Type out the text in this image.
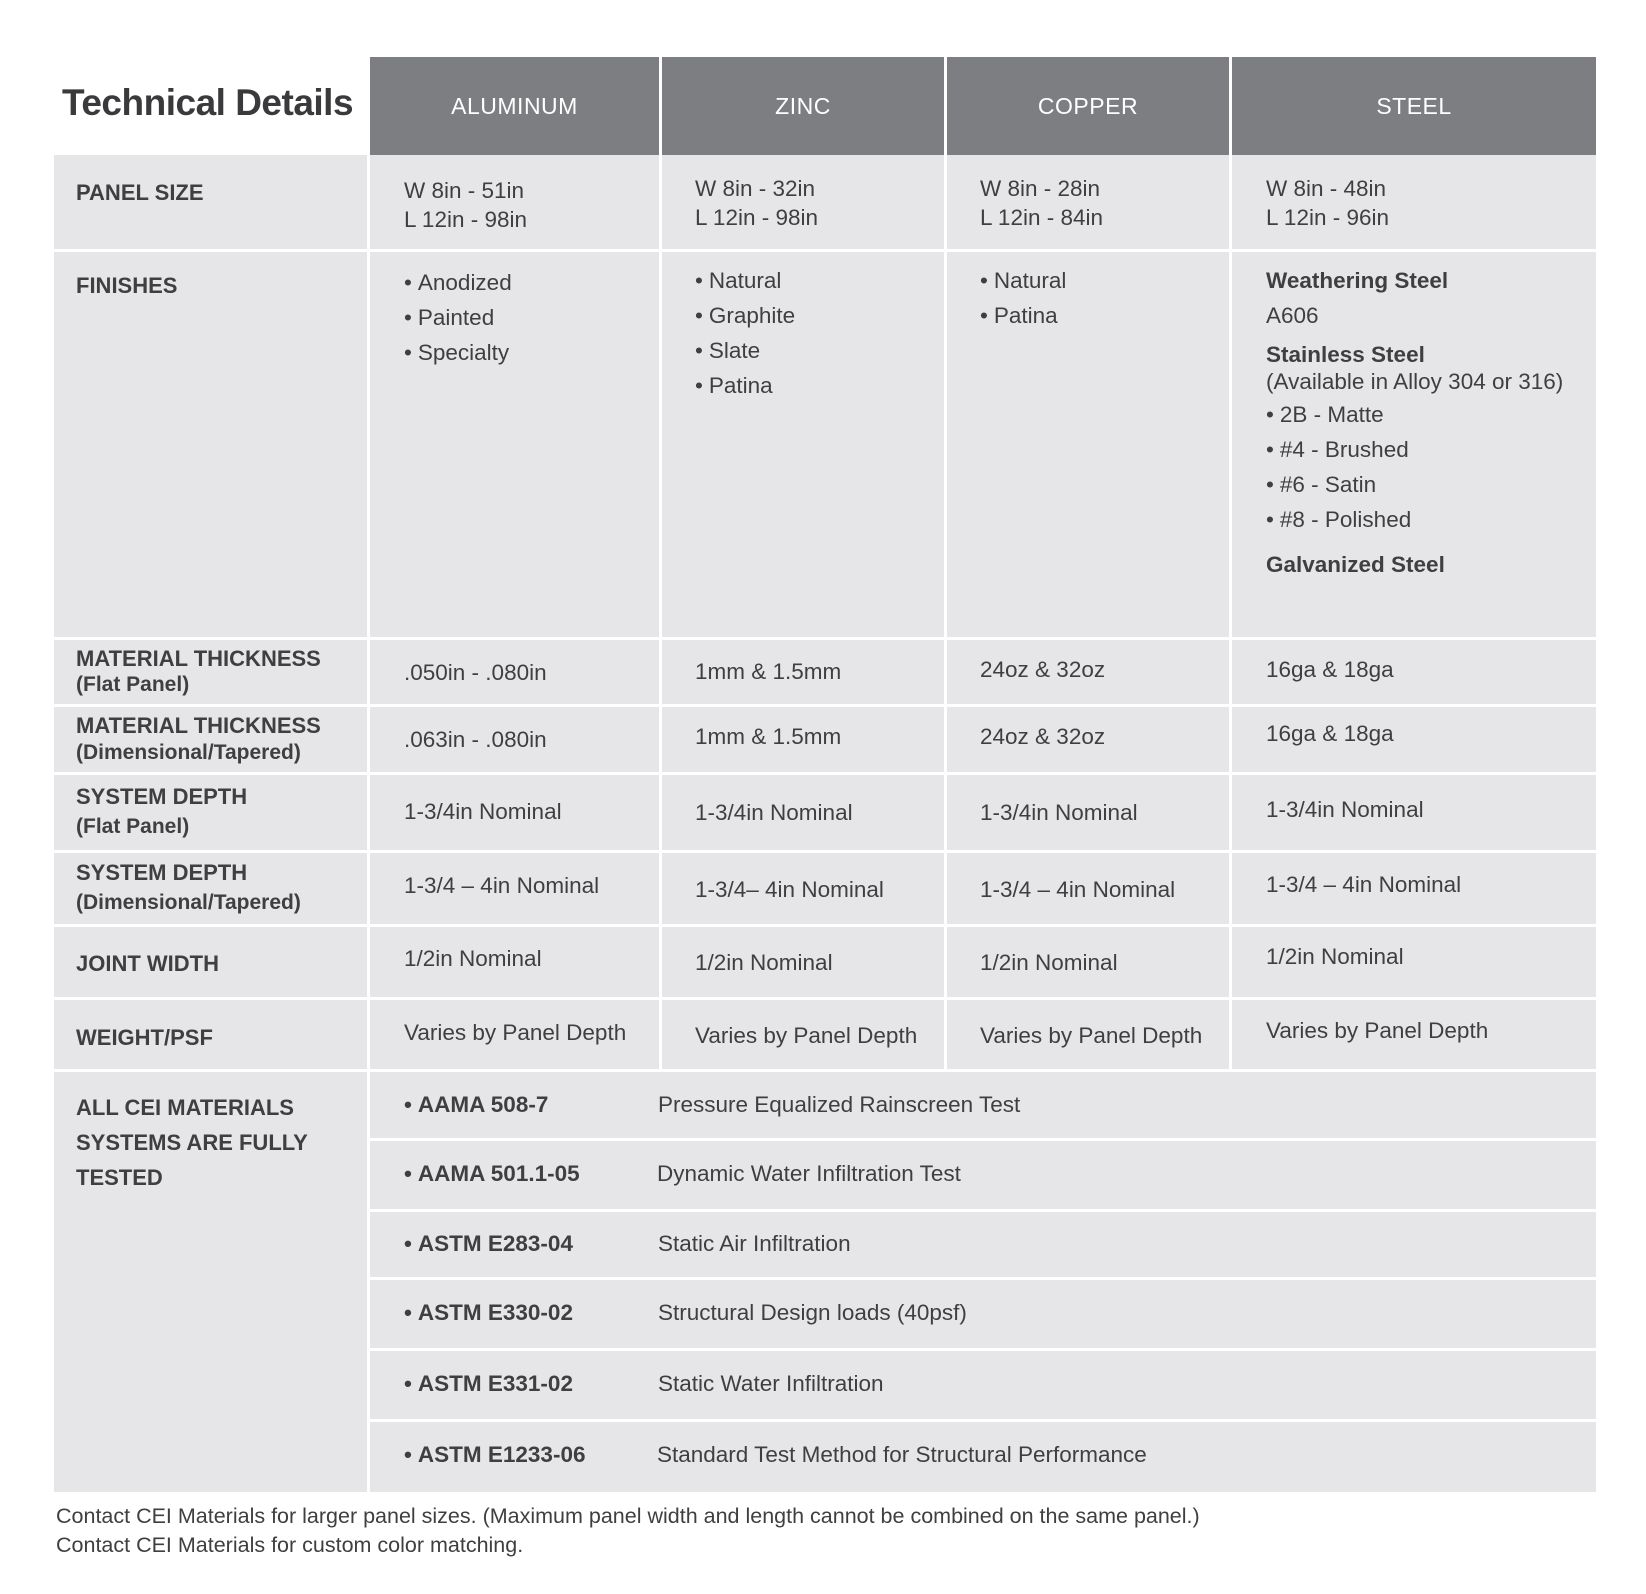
Technical Details	ALUMINUM	ZINC	COPPER	STEEL
PANEL SIZE	W 8in - 51in
L 12in - 98in
W 8in - 32in
L 12in - 98in
W 8in - 28in
L 12in - 84in
W 8in - 48in
L 12in - 96in
FINISHES
•	Anodized
• Painted
• Specialty
• Natural
• Graphite
• Slate
• Patina
• Natural
• Patina
Weathering Steel
A606
Stainless Steel
(Available in Alloy 304 or 316)
• 2B - Matte
• #4 - Brushed
• #6 - Satin
• #8 - Polished
Galvanized Steel
MATERIAL THICKNESS
(Flat Panel)	.050in - .080in	1mm & 1.5mm	24oz & 32oz	16ga & 18ga
MATERIAL THICKNESS
(Dimensional/Tapered)
.063in - .080in	1mm & 1.5mm	24oz & 32oz	16ga & 18ga
SYSTEM DEPTH
(Flat Panel)
1-3/4in Nominal	1-3/4in Nominal	1-3/4in Nominal	1-3/4in Nominal
SYSTEM DEPTH
(Dimensional/Tapered)
1-3/4 – 4in Nominal	1-3/4– 4in Nominal	1-3/4 – 4in Nominal	1-3/4 – 4in Nominal
JOINT WIDTH	1/2in Nominal	1/2in Nominal	1/2in Nominal	1/2in Nominal
WEIGHT/PSF	Varies by Panel Depth	Varies by Panel Depth	Varies by Panel Depth	Varies by Panel Depth
ALL CEI MATERIALS
SYSTEMS ARE FULLY
TESTED
• AAMA 508-7	Pressure Equalized Rainscreen Test
• AAMA 501.1-05	Dynamic Water Infiltration Test
• ASTM E283-04	Static Air Infiltration
• ASTM E330-02	Structural Design loads (40psf)
• ASTM E331-02	Static Water Infiltration
• ASTM E1233-06	Standard Test Method for Structural Performance
Contact CEI Materials for larger panel sizes. (Maximum panel width and length cannot be combined on the same panel.)
Contact CEI Materials for custom color matching.
